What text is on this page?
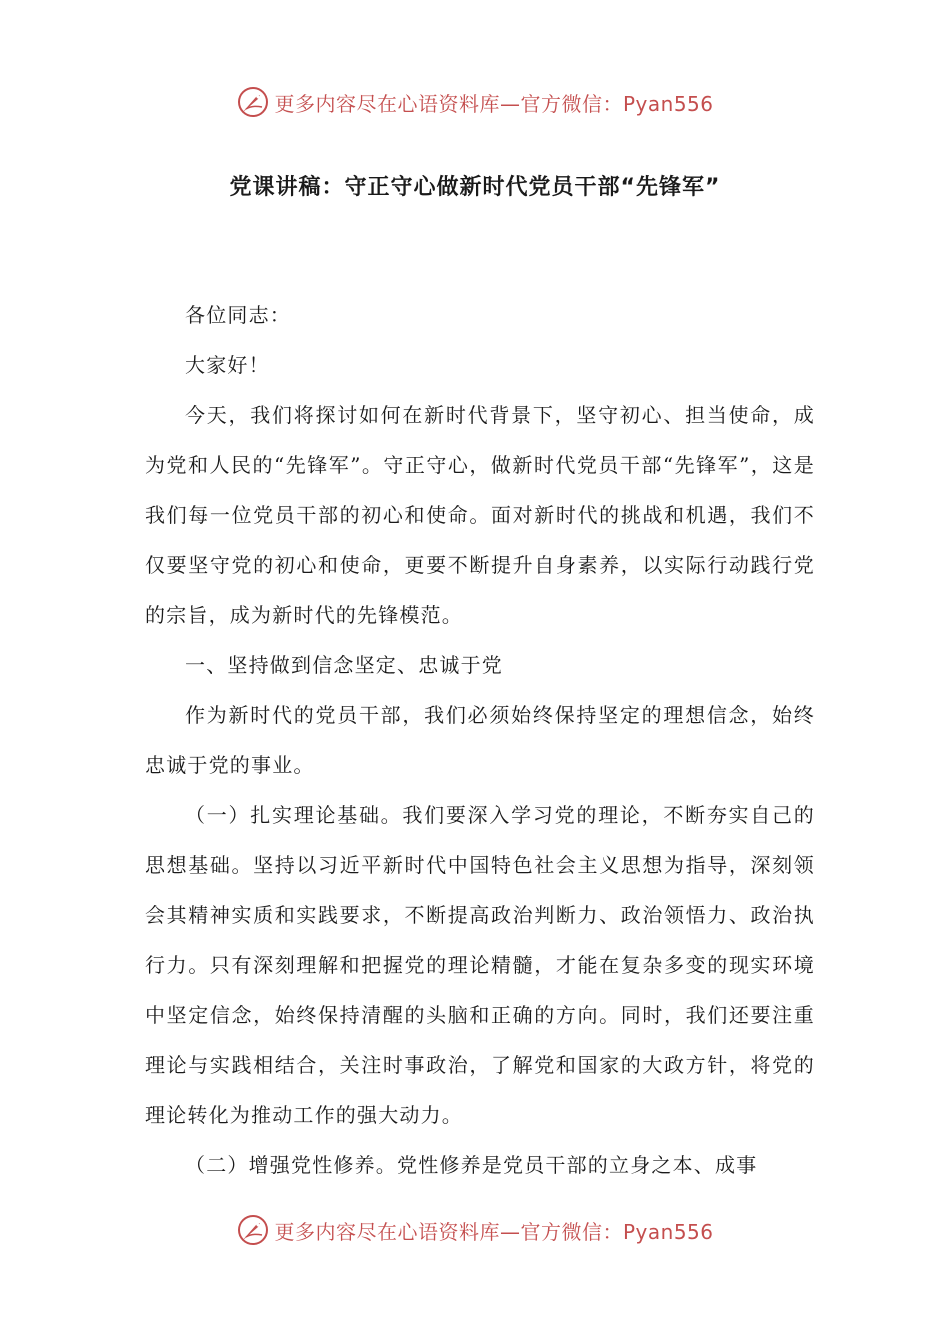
更多内容尽在心语资料库—官方微信：Pyan556
党课讲稿：守正守心做新时代党员干部“先锋军”

各位同志：

大家好！

今天，我们将探讨如何在新时代背景下，坚守初心、担当使命，成为党和人民的“先锋军”。守正守心，做新时代党员干部“先锋军”，这是我们每一位党员干部的初心和使命。面对新时代的挑战和机遇，我们不仅要坚守党的初心和使命，更要不断提升自身素养，以实际行动践行党的宗旨，成为新时代的先锋模范。

一、坚持做到信念坚定、忠诚于党

作为新时代的党员干部，我们必须始终保持坚定的理想信念，始终忠诚于党的事业。

（一）扎实理论基础。我们要深入学习党的理论，不断夯实自己的思想基础。坚持以习近平新时代中国特色社会主义思想为指导，深刻领会其精神实质和实践要求，不断提高政治判断力、政治领悟力、政治执行力。只有深刻理解和把握党的理论精髓，才能在复杂多变的现实环境中坚定信念，始终保持清醒的头脑和正确的方向。同时，我们还要注重理论与实践相结合，关注时事政治，了解党和国家的大政方针，将党的理论转化为推动工作的强大动力。

（二）增强党性修养。党性修养是党员干部的立身之本、成事

更多内容尽在心语资料库—官方微信：Pyan556
